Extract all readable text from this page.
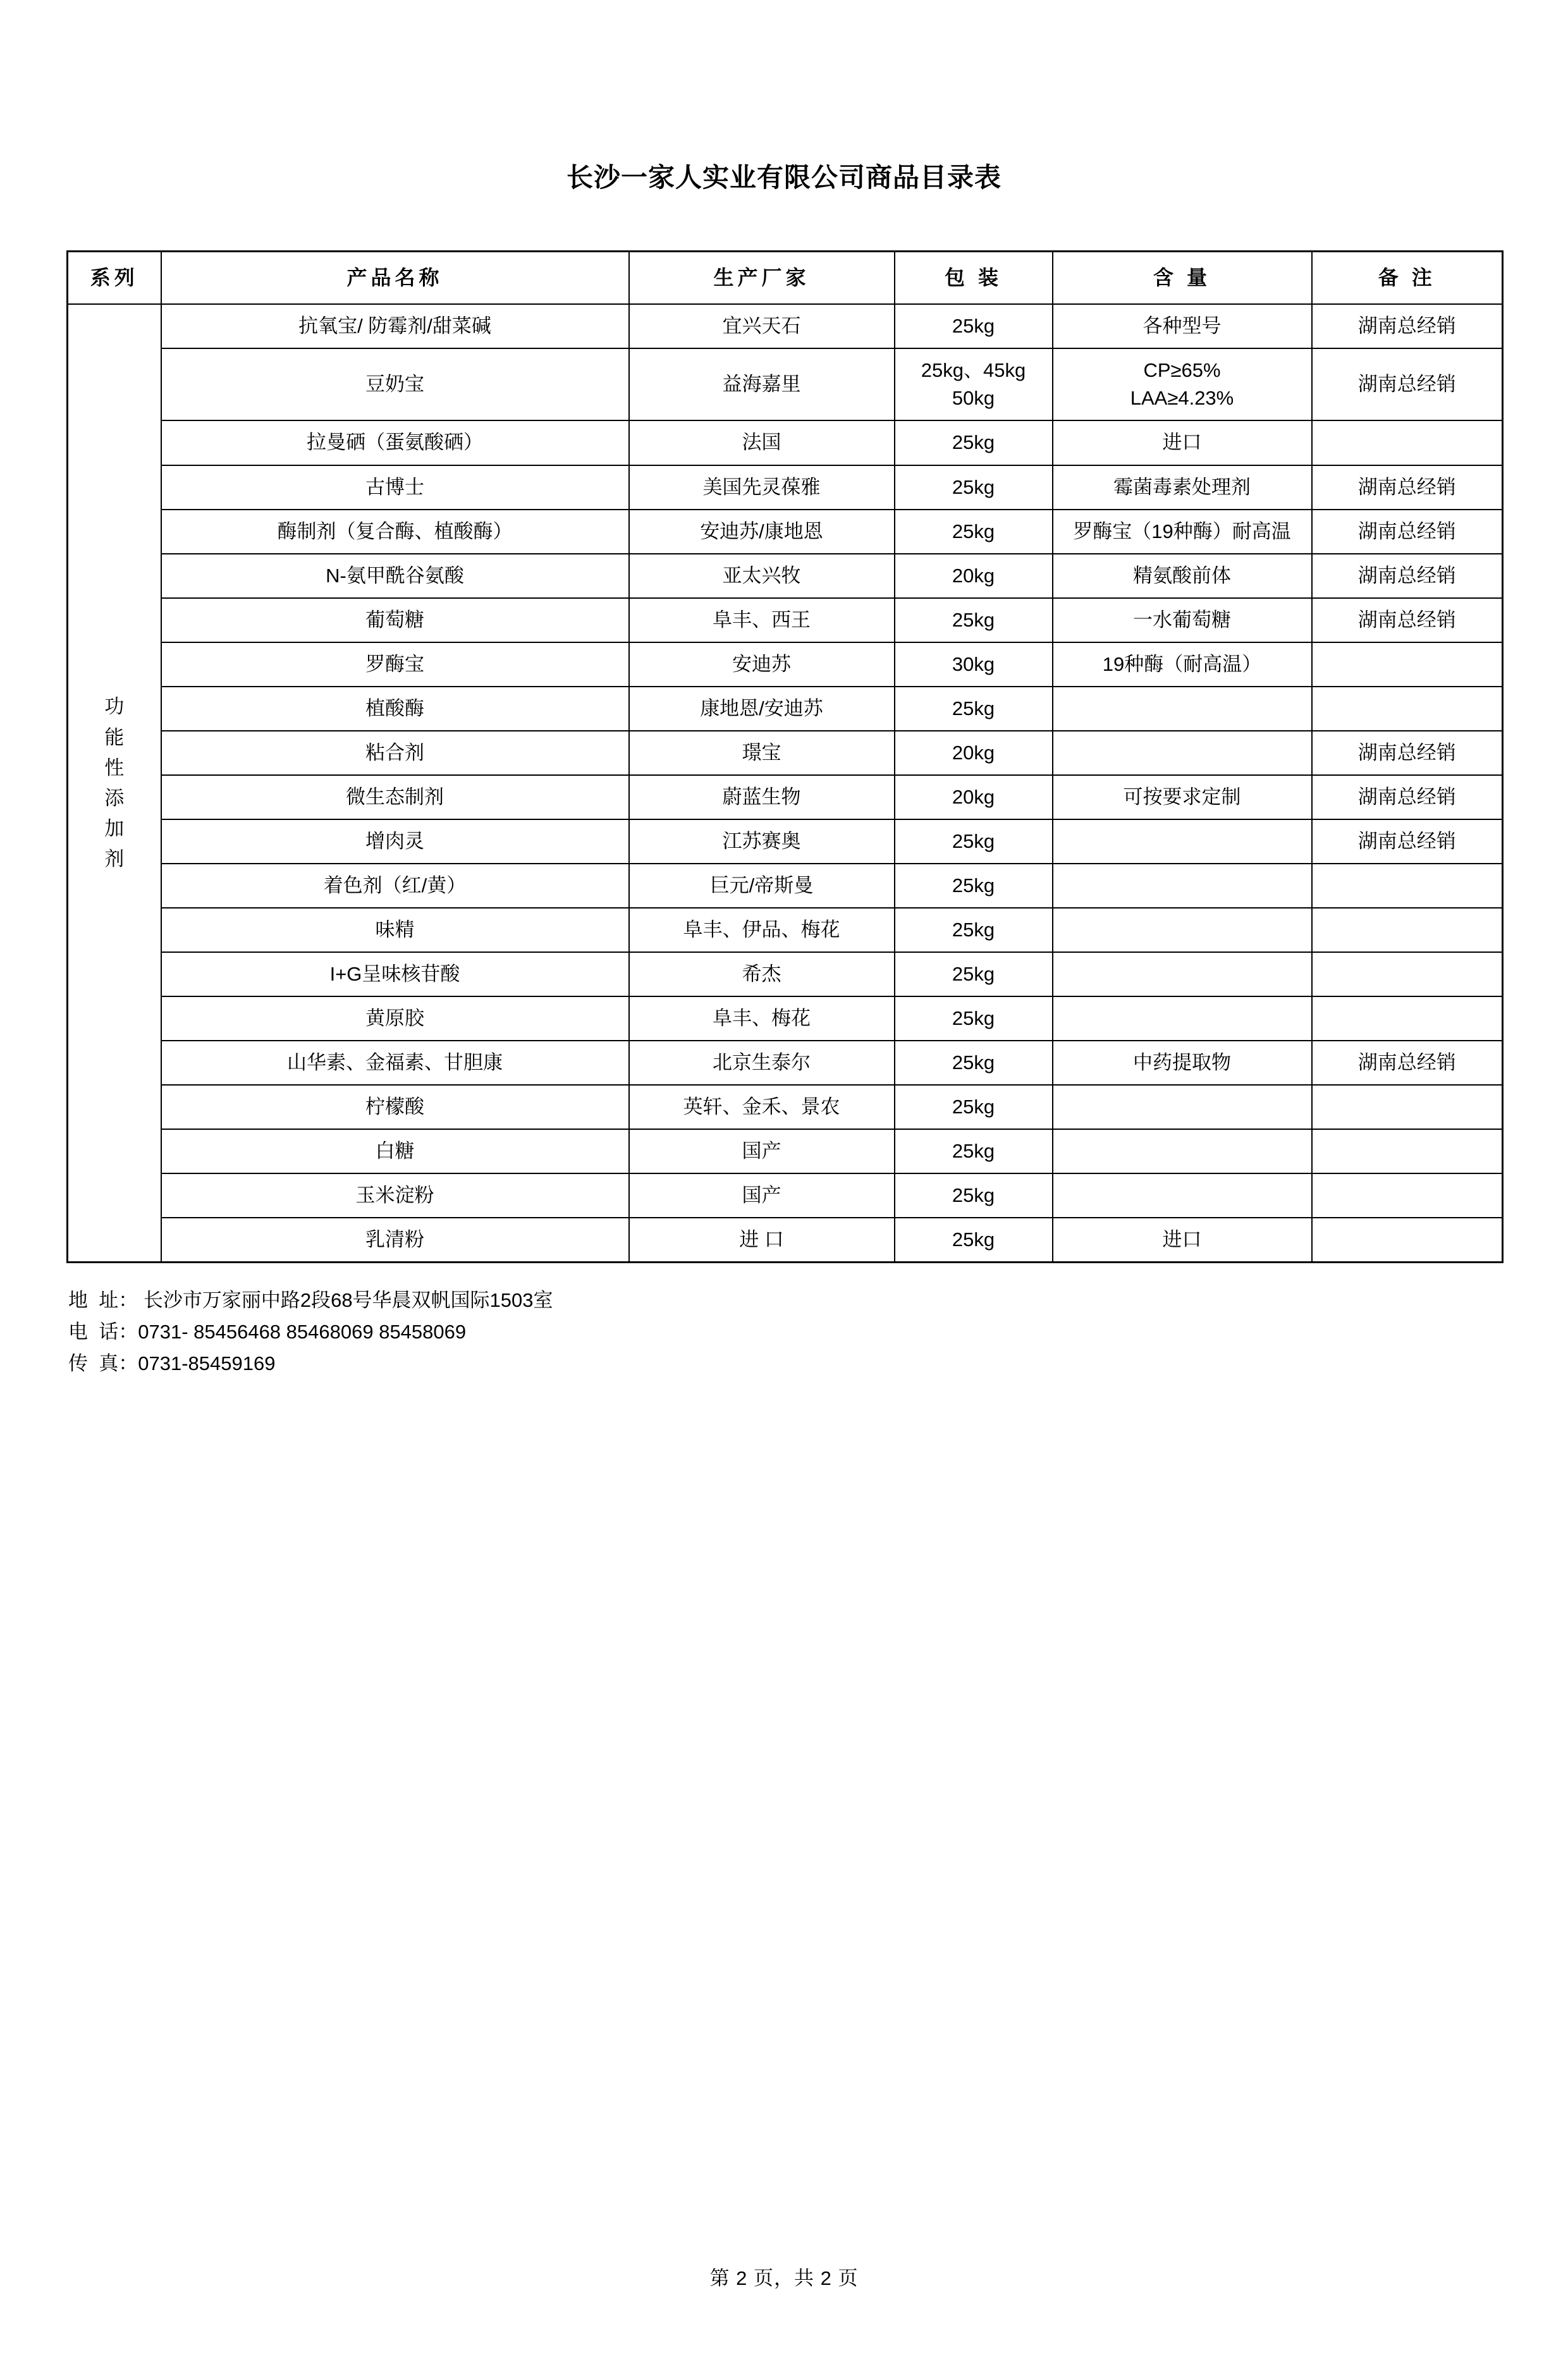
长沙一家人实业有限公司商品目录表
系列	产品名称	生产厂家	包 装	含 量	备 注

功
能
性
添
加
剂
	抗氧宝/ 防霉剂/甜菜碱	宜兴天石	25kg	各种型号	湖南总经销
	豆奶宝	益海嘉里	25kg、45kg
50kg	CP≥65%
LAA≥4.23%	湖南总经销
	拉曼硒（蛋氨酸硒）	法国	25kg	进口	

	古博士	美国先灵葆雅	25kg	霉菌毒素处理剂	湖南总经销
	酶制剂（复合酶、植酸酶）	安迪苏/康地恩	25kg	罗酶宝（19种酶）耐高温	湖南总经销
	N-氨甲酰谷氨酸	亚太兴牧	20kg	精氨酸前体	湖南总经销
	葡萄糖	阜丰、西王	25kg	一水葡萄糖	湖南总经销
	罗酶宝	安迪苏	30kg	19种酶（耐高温）	

	植酸酶	康地恩/安迪苏	25kg		

	粘合剂	璟宝	20kg		湖南总经销
	微生态制剂	蔚蓝生物	20kg	可按要求定制	湖南总经销
	增肉灵	江苏赛奥	25kg		湖南总经销
	着色剂（红/黄）	巨元/帝斯曼	25kg		

	味精	阜丰、伊品、梅花	25kg		

	I+G呈味核苷酸	希杰	25kg		

	黄原胶	阜丰、梅花	25kg		

	山华素、金福素、甘胆康	北京生泰尔	25kg	中药提取物	湖南总经销
	柠檬酸	英轩、金禾、景农	25kg		

	白糖	国产	25kg		

	玉米淀粉	国产	25kg		

	乳清粉	进 口	25kg	进口	

地  址： 长沙市万家丽中路2段68号华晨双帆国际1503室
电  话：0731- 85456468 85468069 85458069
传  真：0731-85459169
第 2 页，共 2 页
